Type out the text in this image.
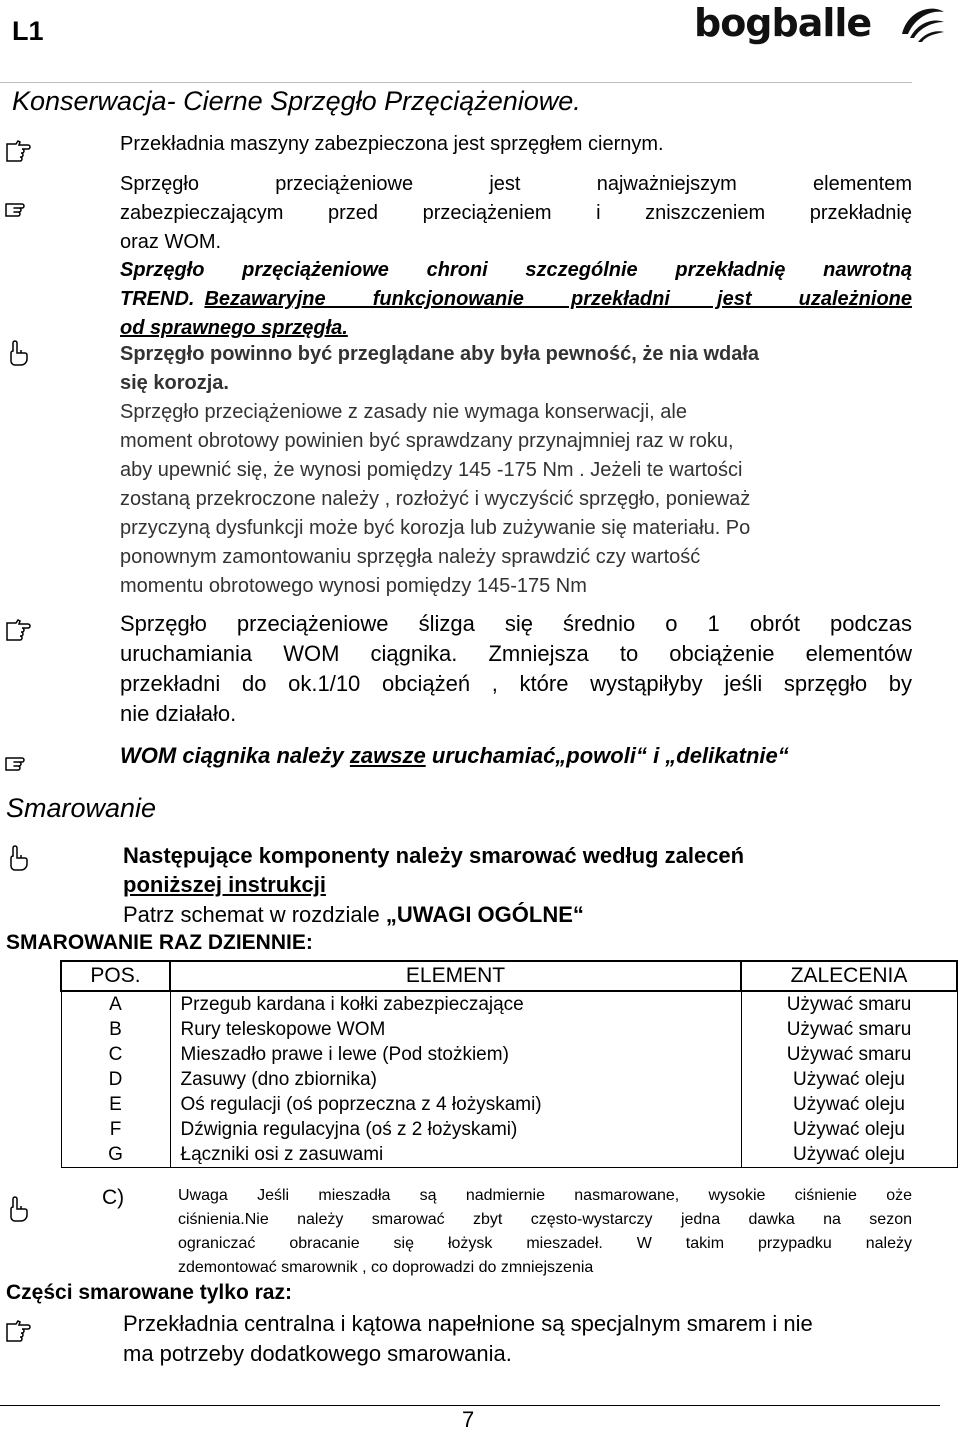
L1	bogballe
Konserwacja- Cierne Sprzęgło Przęciążeniowe.
Przekładnia maszyny zabezpieczona jest sprzęgłem ciernym.
Sprzęgło przeciążeniowe jest najważniejszym elementem
zabezpieczającym przed przeciążeniem i zniszczeniem przekładnię
oraz WOM.
Sprzęgło przęciążeniowe chroni szczególnie przekładnię nawrotną
TREND. Bezawaryjne funkcjonowanie przekładni jest uzależnione
od sprawnego sprzęgła.
Sprzęgło powinno być przeglądane aby była pewność, że nia wdała
się korozja.
Sprzęgło przeciążeniowe z zasady nie wymaga konserwacji, ale
moment obrotowy powinien być sprawdzany przynajmniej raz w roku,
aby upewnić się, że wynosi pomiędzy 145 -175 Nm . Jeżeli te wartości
zostaną przekroczone należy , rozłożyć i wyczyścić sprzęgło, ponieważ
przyczyną dysfunkcji może być korozja lub zużywanie się materiału. Po
ponownym zamontowaniu sprzęgła należy sprawdzić czy wartość
momentu obrotowego wynosi pomiędzy 145-175 Nm
Sprzęgło przeciążeniowe ślizga się średnio o 1 obrót podczas
uruchamiania WOM ciągnika. Zmniejsza to obciążenie elementów
przekładni do ok.1/10 obciążeń , które wystąpiłyby jeśli sprzęgło by
nie działało.
WOM ciągnika należy zawsze uruchamiać„powoli“ i „delikatnie“
Smarowanie
Następujące komponenty należy smarować według zaleceń
poniższej instrukcji
Patrz schemat w rozdziale „UWAGI OGÓLNE“
SMAROWANIE RAZ DZIENNIE:
POS.	ELEMENT	ZALECENIA
A	Przegub kardana i kołki zabezpieczające	Używać smaru
B	Rury teleskopowe WOM	Używać smaru
C	Mieszadło prawe i lewe (Pod stożkiem)	Używać smaru
D	Zasuwy (dno zbiornika)	Używać oleju
E	Oś regulacji (oś poprzeczna z 4 łożyskami)	Używać oleju
F	Dźwignia regulacyjna (oś z 2 łożyskami)	Używać oleju
G	Łączniki osi z zasuwami	Używać oleju
C)	Uwaga Jeśli mieszadła są nadmiernie nasmarowane, wysokie ciśnienie oże
ciśnienia.Nie należy smarować zbyt często-wystarczy jedna dawka na sezon
ograniczać obracanie się łożysk mieszadeł. W takim przypadku należy
zdemontować smarownik , co doprowadzi do zmniejszenia
Części smarowane tylko raz:
Przekładnia centralna i kątowa napełnione są specjalnym smarem i nie
ma potrzeby dodatkowego smarowania.
7
